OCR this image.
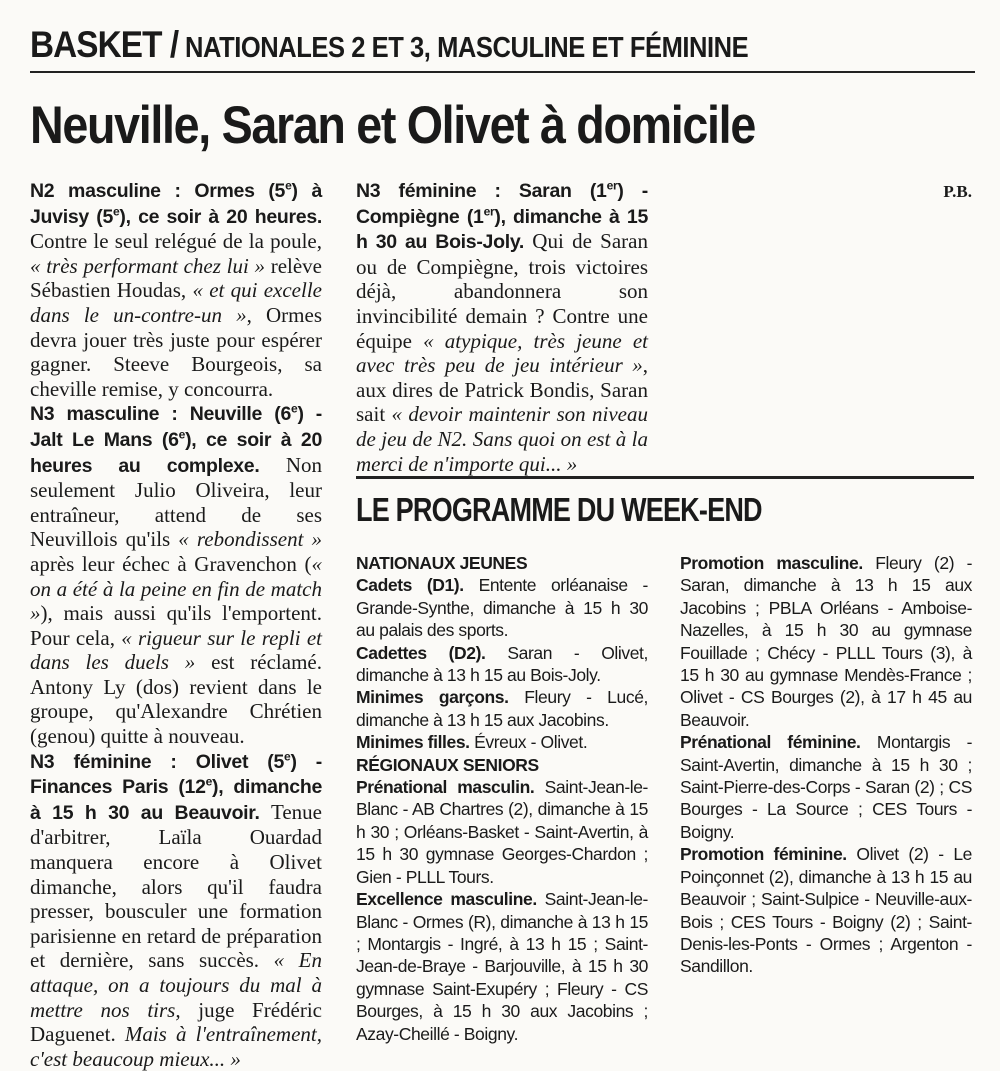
BASKET / NATIONALES 2 ET 3, MASCULINE ET FÉMININE
Neuville, Saran et Olivet à domicile

N2 masculine : Ormes (5e) à Juvisy (5e), ce soir à 20 heures. Contre le seul relégué de la poule, « très performant chez lui » relève Sébastien Houdas, « et qui excelle dans le un-contre-un », Ormes devra jouer très juste pour espérer gagner. Steeve Bourgeois, sa cheville remise, y concourra.

N3 masculine : Neuville (6e) - Jalt Le Mans (6e), ce soir à 20 heures au complexe. Non seulement Julio Oliveira, leur entraîneur, attend de ses Neuvillois qu'ils « rebondissent » après leur échec à Gravenchon (« on a été à la peine en fin de match »), mais aussi qu'ils l'emportent. Pour cela, « rigueur sur le repli et dans les duels » est réclamé. Antony Ly (dos) revient dans le groupe, qu'Alexandre Chrétien (genou) quitte à nouveau.

N3 féminine : Olivet (5e) - Finances Paris (12e), dimanche à 15 h 30 au Beauvoir. Tenue d'arbitrer, Laïla Ouardad manquera encore à Olivet dimanche, alors qu'il faudra presser, bousculer une formation parisienne en retard de préparation et dernière, sans succès. « En attaque, on a toujours du mal à mettre nos tirs, juge Frédéric Daguenet. Mais à l'entraînement, c'est beaucoup mieux... »

N3 féminine : Saran (1er) - Compiègne (1er), dimanche à 15 h 30 au Bois-Joly. Qui de Saran ou de Compiègne, trois victoires déjà, abandonnera son invincibilité demain ? Contre une équipe « atypique, très jeune et avec très peu de jeu intérieur », aux dires de Patrick Bondis, Saran sait « devoir maintenir son niveau de jeu de N2. Sans quoi on est à la merci de n'importe qui... »

P.B.
LE PROGRAMME DU WEEK-END

NATIONAUX JEUNES

Cadets (D1). Entente orléanaise - Grande-Synthe, dimanche à 15 h 30 au palais des sports.

Cadettes (D2). Saran - Olivet, dimanche à 13 h 15 au Bois-Joly.

Minimes garçons. Fleury - Lucé, dimanche à 13 h 15 aux Jacobins.

Minimes filles. Évreux - Olivet.

RÉGIONAUX SENIORS

Prénational masculin. Saint-Jean-le-Blanc - AB Chartres (2), dimanche à 15 h 30 ; Orléans-Basket - Saint-Avertin, à 15 h 30 gymnase Georges-Chardon ; Gien - PLLL Tours.

Excellence masculine. Saint-Jean-le-Blanc - Ormes (R), dimanche à 13 h 15 ; Montargis - Ingré, à 13 h 15 ; Saint-Jean-de-Braye - Barjouville, à 15 h 30 gymnase Saint-Exupéry ; Fleury - CS Bourges, à 15 h 30 aux Jacobins ; Azay-Cheillé - Boigny.

Promotion masculine. Fleury (2) - Saran, dimanche à 13 h 15 aux Jacobins ; PBLA Orléans - Amboise-Nazelles, à 15 h 30 au gymnase Fouillade ; Chécy - PLLL Tours (3), à 15 h 30 au gymnase Mendès-France ; Olivet - CS Bourges (2), à 17 h 45 au Beauvoir.

Prénational féminine. Montargis - Saint-Avertin, dimanche à 15 h 30 ; Saint-Pierre-des-Corps - Saran (2) ; CS Bourges - La Source ; CES Tours - Boigny.

Promotion féminine. Olivet (2) - Le Poinçonnet (2), dimanche à 13 h 15 au Beauvoir ; Saint-Sulpice - Neuville-aux-Bois ; CES Tours - Boigny (2) ; Saint-Denis-les-Ponts - Ormes ; Argenton - Sandillon.
